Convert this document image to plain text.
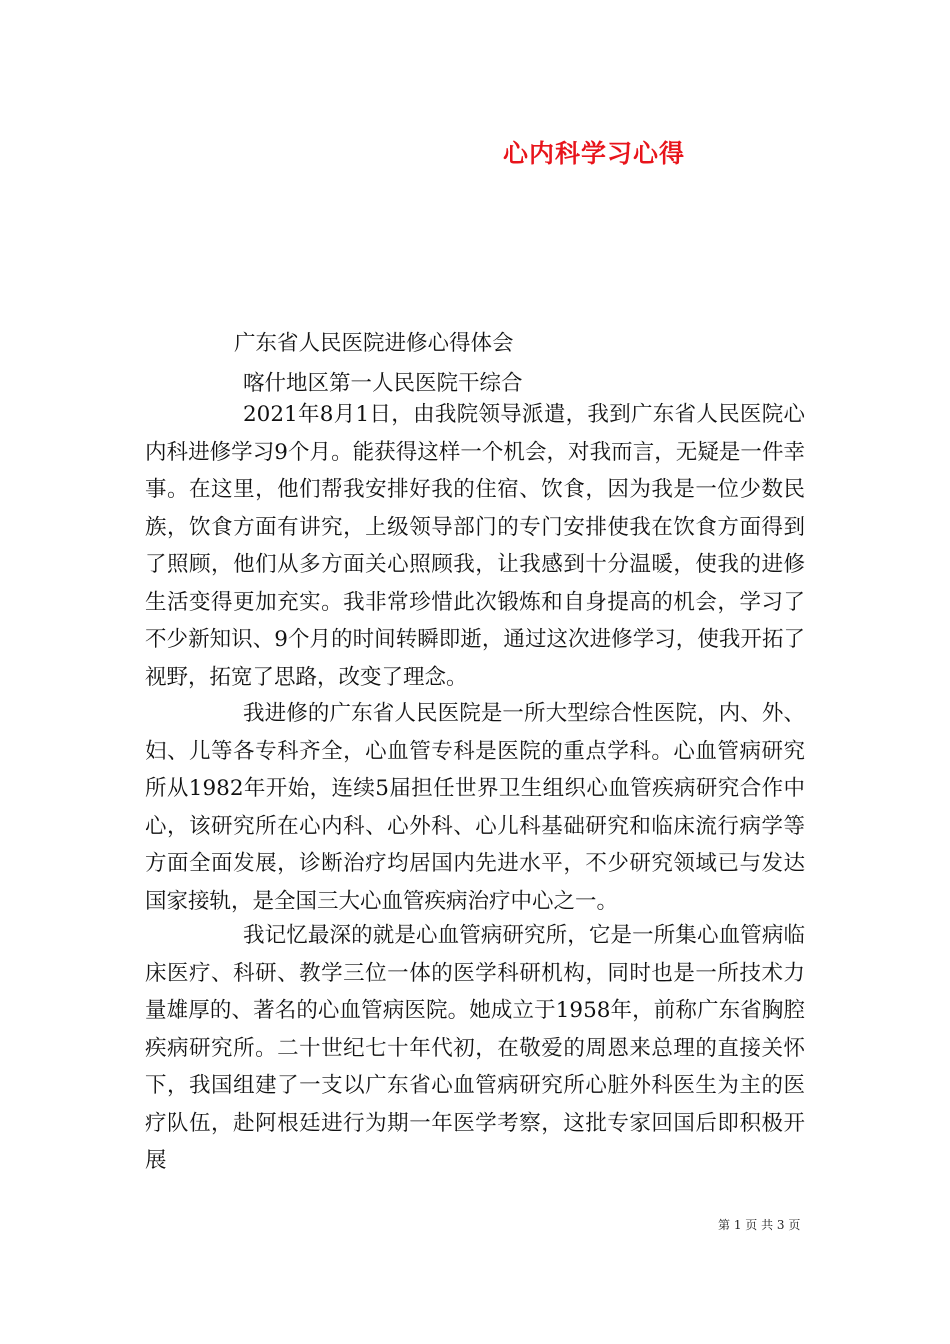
心内科学习心得
广东省人民医院进修心得体会
喀什地区第一人民医院干综合

2021年8月1日，由我院领导派遣，我到广东省人民医院心内科进修学习9个月。能获得这样一个机会，对我而言，无疑是一件幸事。在这里，他们帮我安排好我的住宿、饮食，因为我是一位少数民族，饮食方面有讲究，上级领导部门的专门安排使我在饮食方面得到了照顾，他们从多方面关心照顾我，让我感到十分温暖，使我的进修生活变得更加充实。我非常珍惜此次锻炼和自身提高的机会，学习了不少新知识、9个月的时间转瞬即逝，通过这次进修学习，使我开拓了视野，拓宽了思路，改变了理念。

我进修的广东省人民医院是一所大型综合性医院，内、外、妇、儿等各专科齐全，心血管专科是医院的重点学科。心血管病研究所从1982年开始，连续5届担任世界卫生组织心血管疾病研究合作中心，该研究所在心内科、心外科、心儿科基础研究和临床流行病学等方面全面发展，诊断治疗均居国内先进水平，不少研究领域已与发达国家接轨，是全国三大心血管疾病治疗中心之一。

我记忆最深的就是心血管病研究所，它是一所集心血管病临床医疗、科研、教学三位一体的医学科研机构，同时也是一所技术力量雄厚的、著名的心血管病医院。她成立于1958年，前称广东省胸腔疾病研究所。二十世纪七十年代初，在敬爱的周恩来总理的直接关怀下，我国组建了一支以广东省心血管病研究所心脏外科医生为主的医疗队伍，赴阿根廷进行为期一年医学考察，这批专家回国后即积极开展

第 1 页 共 3 页
